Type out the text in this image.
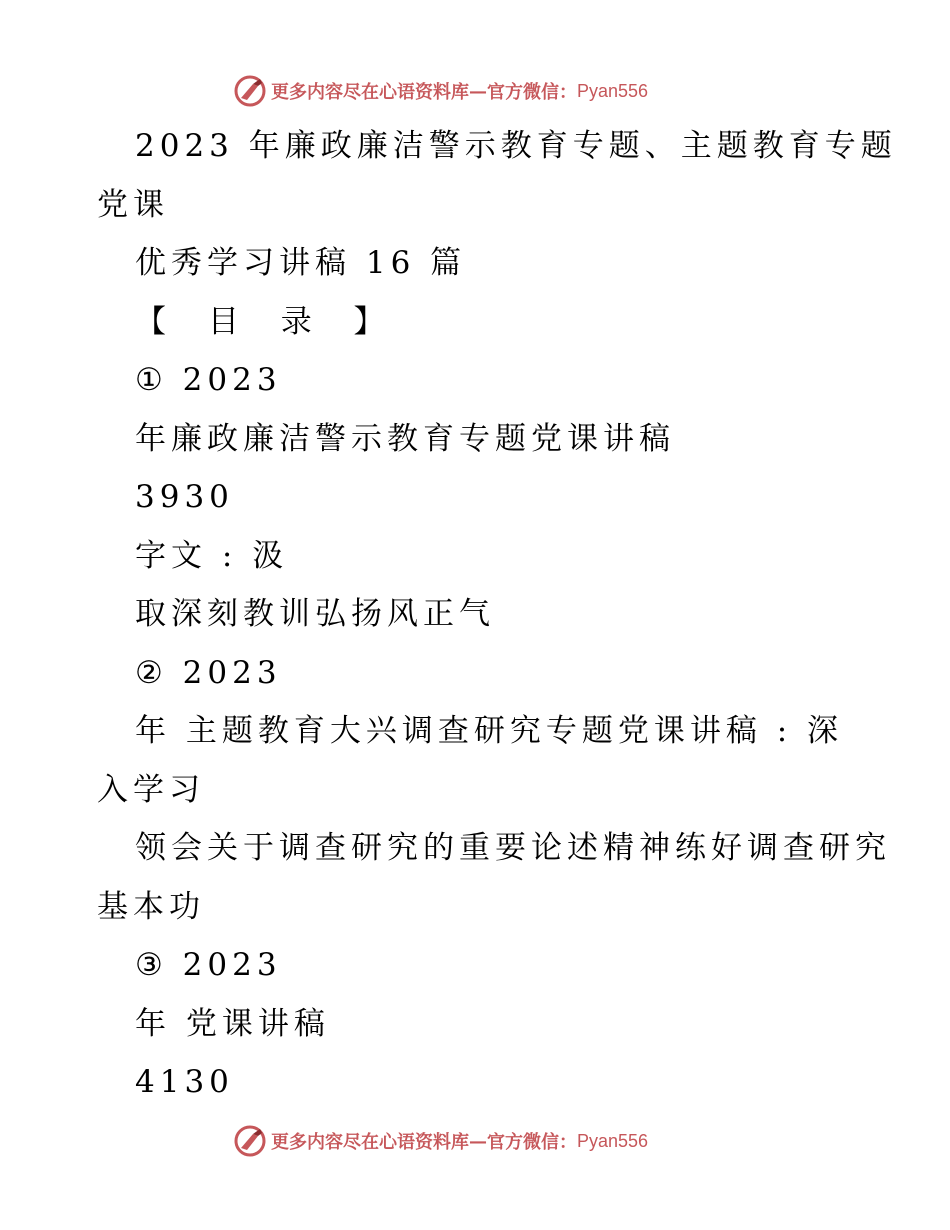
更多内容尽在心语资料库 — 官方微信： Pyan556
2023 年廉政廉洁警示教育专题、主题教育专题
党课
优秀学习讲稿 16 篇
【 目 录 】
① 2023
年廉政廉洁警示教育专题党课讲稿
3930
字文 : 汲
取深刻教训弘扬风正气
② 2023
年 主题教育大兴调查研究专题党课讲稿 : 深
入学习
领会关于调查研究的重要论述精神练好调查研究
基本功
③ 2023
年 党课讲稿
4130
更多内容尽在心语资料库 — 官方微信： Pyan556
